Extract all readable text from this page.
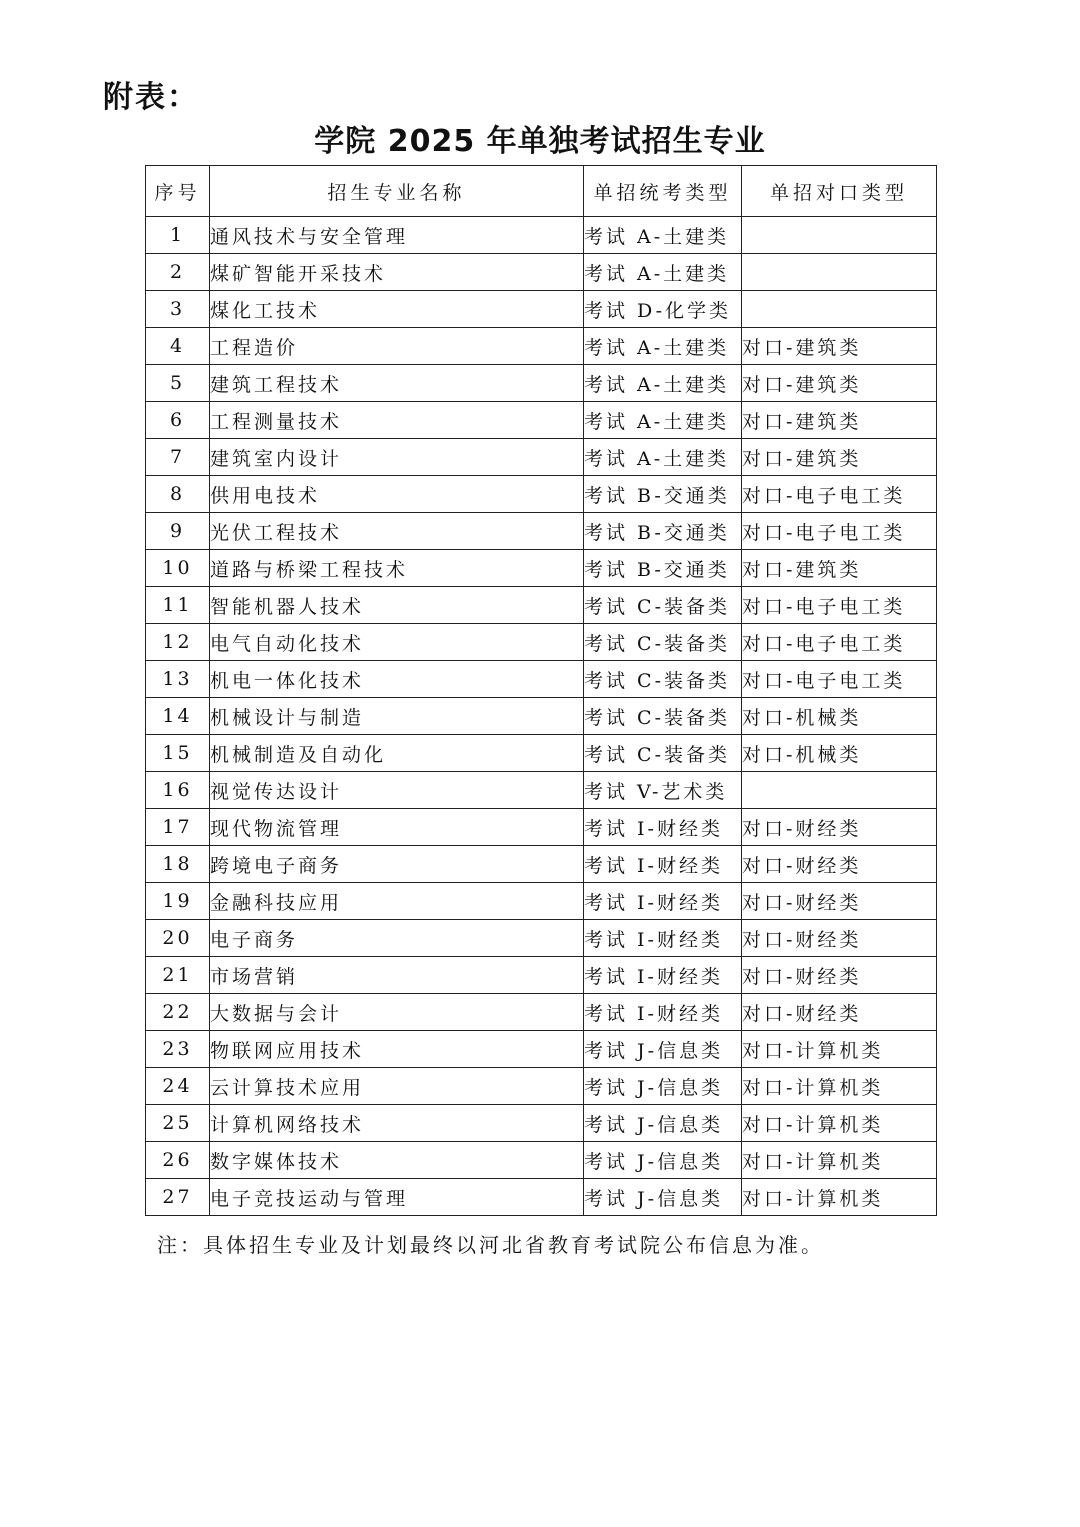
附表：
学院 2025 年单独考试招生专业
序号	招生专业名称	单招统考类型	单招对口类型
1	通风技术与安全管理	考试 A-土建类	
2	煤矿智能开采技术	考试 A-土建类	
3	煤化工技术	考试 D-化学类	
4	工程造价	考试 A-土建类	对口-建筑类
5	建筑工程技术	考试 A-土建类	对口-建筑类
6	工程测量技术	考试 A-土建类	对口-建筑类
7	建筑室内设计	考试 A-土建类	对口-建筑类
8	供用电技术	考试 B-交通类	对口-电子电工类
9	光伏工程技术	考试 B-交通类	对口-电子电工类
10	道路与桥梁工程技术	考试 B-交通类	对口-建筑类
11	智能机器人技术	考试 C-装备类	对口-电子电工类
12	电气自动化技术	考试 C-装备类	对口-电子电工类
13	机电一体化技术	考试 C-装备类	对口-电子电工类
14	机械设计与制造	考试 C-装备类	对口-机械类
15	机械制造及自动化	考试 C-装备类	对口-机械类
16	视觉传达设计	考试 V-艺术类	
17	现代物流管理	考试 I-财经类	对口-财经类
18	跨境电子商务	考试 I-财经类	对口-财经类
19	金融科技应用	考试 I-财经类	对口-财经类
20	电子商务	考试 I-财经类	对口-财经类
21	市场营销	考试 I-财经类	对口-财经类
22	大数据与会计	考试 I-财经类	对口-财经类
23	物联网应用技术	考试 J-信息类	对口-计算机类
24	云计算技术应用	考试 J-信息类	对口-计算机类
25	计算机网络技术	考试 J-信息类	对口-计算机类
26	数字媒体技术	考试 J-信息类	对口-计算机类
27	电子竞技运动与管理	考试 J-信息类	对口-计算机类
注：具体招生专业及计划最终以河北省教育考试院公布信息为准。
